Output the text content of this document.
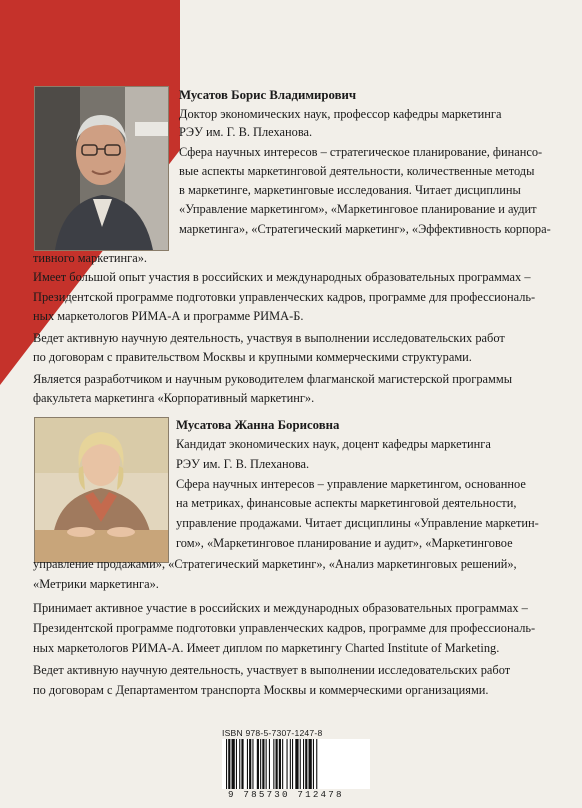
Мусатов Борис Владимирович
Доктор экономических наук, профессор кафедры маркетинга
РЭУ им. Г. В. Плеханова.
Сфера научных интересов – стратегическое планирование, финансо-
вые аспекты маркетинговой деятельности, количественные методы
в маркетинге, маркетинговые исследования. Читает дисциплины
«Управление маркетингом», «Маркетинговое планирование и аудит
маркетинга», «Стратегический маркетинг», «Эффективность корпора-
тивного маркетинга».
Имеет большой опыт участия в российских и международных образовательных программах –
Президентской программе подготовки управленческих кадров, программе для профессиональ-
ных маркетологов РИМА-А и программе РИМА-Б.
Ведет активную научную деятельность, участвуя в выполнении исследовательских работ
по договорам с правительством Москвы и крупными коммерческими структурами.
Является разработчиком и научным руководителем флагманской магистерской программы
факультета маркетинга «Корпоративный маркетинг».
Мусатова Жанна Борисовна
Кандидат экономических наук, доцент кафедры маркетинга
РЭУ им. Г. В. Плеханова.
Сфера научных интересов – управление маркетингом, основанное
на метриках, финансовые аспекты маркетинговой деятельности,
управление продажами. Читает дисциплины «Управление маркетин-
гом», «Маркетинговое планирование и аудит», «Маркетинговое
управление продажами», «Стратегический маркетинг», «Анализ маркетинговых решений»,
«Метрики маркетинга».
Принимает активное участие в российских и международных образовательных программах –
Президентской программе подготовки управленческих кадров, программе для профессиональ-
ных маркетологов РИМА-А. Имеет диплом по маркетингу Charted Institute of Marketing.
Ведет активную научную деятельность, участвует в выполнении исследовательских работ
по договорам с Департаментом транспорта Москвы и коммерческими организациями.
ISBN 978-5-7307-1247-8
9 785730 712478
